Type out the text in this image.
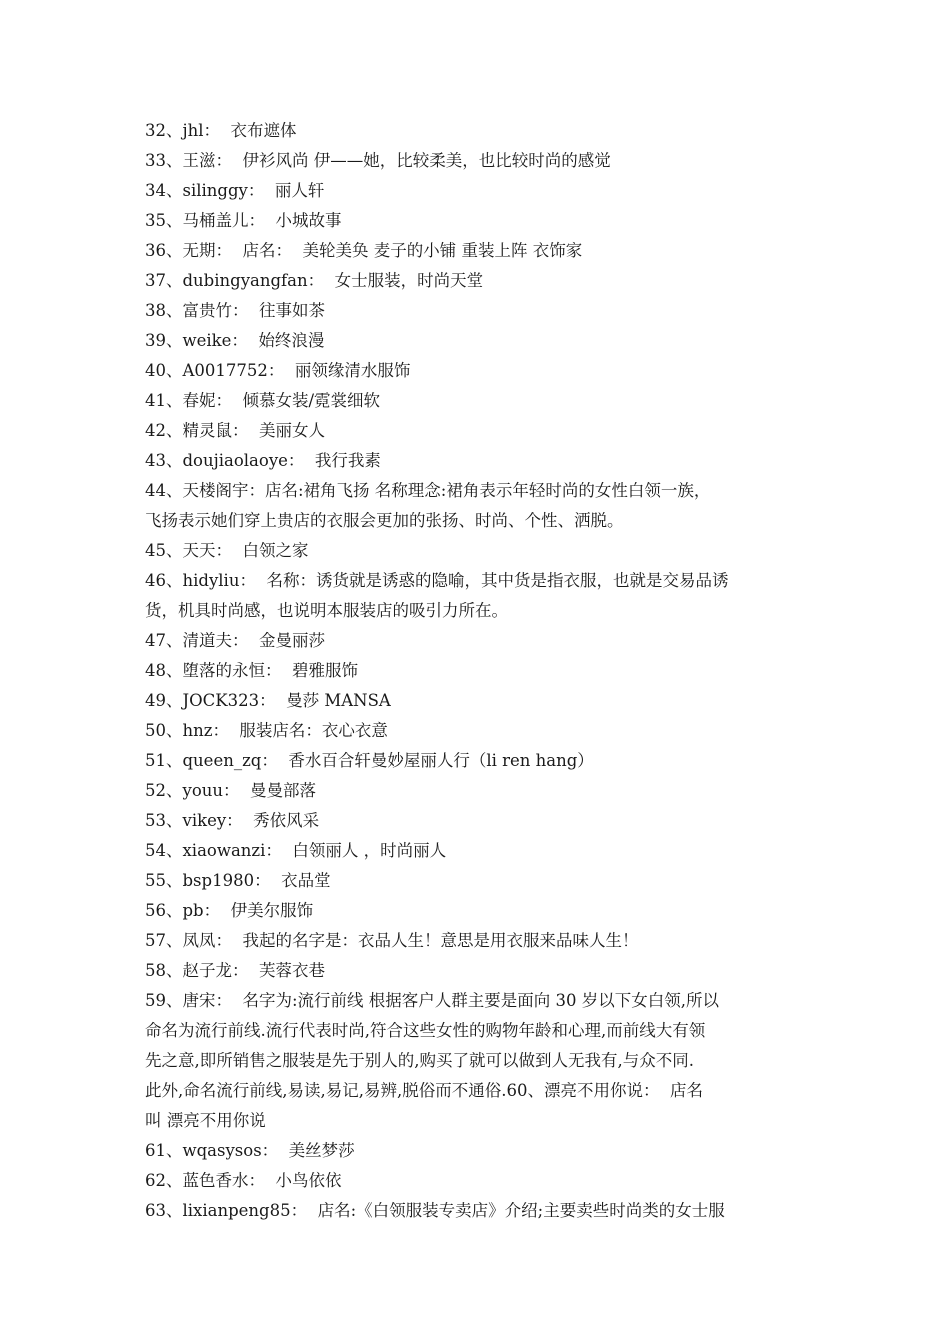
32、jhl：  衣布遮体
33、王滋：  伊衫风尚 伊——她，比较柔美，也比较时尚的感觉
34、silinggy：  丽人轩
35、马桶盖儿：  小城故事
36、无期：  店名：  美轮美奂 麦子的小铺 重装上阵 衣饰家
37、dubingyangfan：  女士服装，时尚天堂
38、富贵竹：  往事如茶
39、weike：  始终浪漫
40、A0017752：  丽领缘清水服饰
41、春妮：  倾慕女装/霓裳细软
42、精灵鼠：  美丽女人
43、doujiaolaoye：  我行我素
44、天楼阁宇：店名:裙角飞扬 名称理念:裙角表示年轻时尚的女性白领一族，
飞扬表示她们穿上贵店的衣服会更加的张扬、时尚、个性、洒脱。
45、天天：  白领之家
46、hidyliu：  名称：诱货就是诱惑的隐喻，其中货是指衣服，也就是交易品诱
货，机具时尚感，也说明本服装店的吸引力所在。
47、清道夫：  金曼丽莎
48、堕落的永恒：  碧雅服饰
49、JOCK323：  曼莎 MANSA
50、hnz：  服装店名：衣心衣意
51、queen_zq：  香水百合轩曼妙屋丽人行（li ren hang）
52、youu：  曼曼部落
53、vikey：  秀依风采
54、xiaowanzi：  白领丽人 ，时尚丽人
55、bsp1980：  衣品堂
56、pb：  伊美尔服饰
57、凤凤：  我起的名字是：衣品人生！意思是用衣服来品味人生！
58、赵子龙：  芙蓉衣巷
59、唐宋：  名字为:流行前线 根据客户人群主要是面向 30 岁以下女白领,所以
命名为流行前线.流行代表时尚,符合这些女性的购物年龄和心理,而前线大有领
先之意,即所销售之服装是先于别人的,购买了就可以做到人无我有,与众不同.
此外,命名流行前线,易读,易记,易辨,脱俗而不通俗.60、漂亮不用你说：  店名
叫 漂亮不用你说
61、wqasysos：  美丝梦莎
62、蓝色香水：  小鸟依依
63、lixianpeng85：  店名:《白领服装专卖店》介绍;主要卖些时尚类的女士服
